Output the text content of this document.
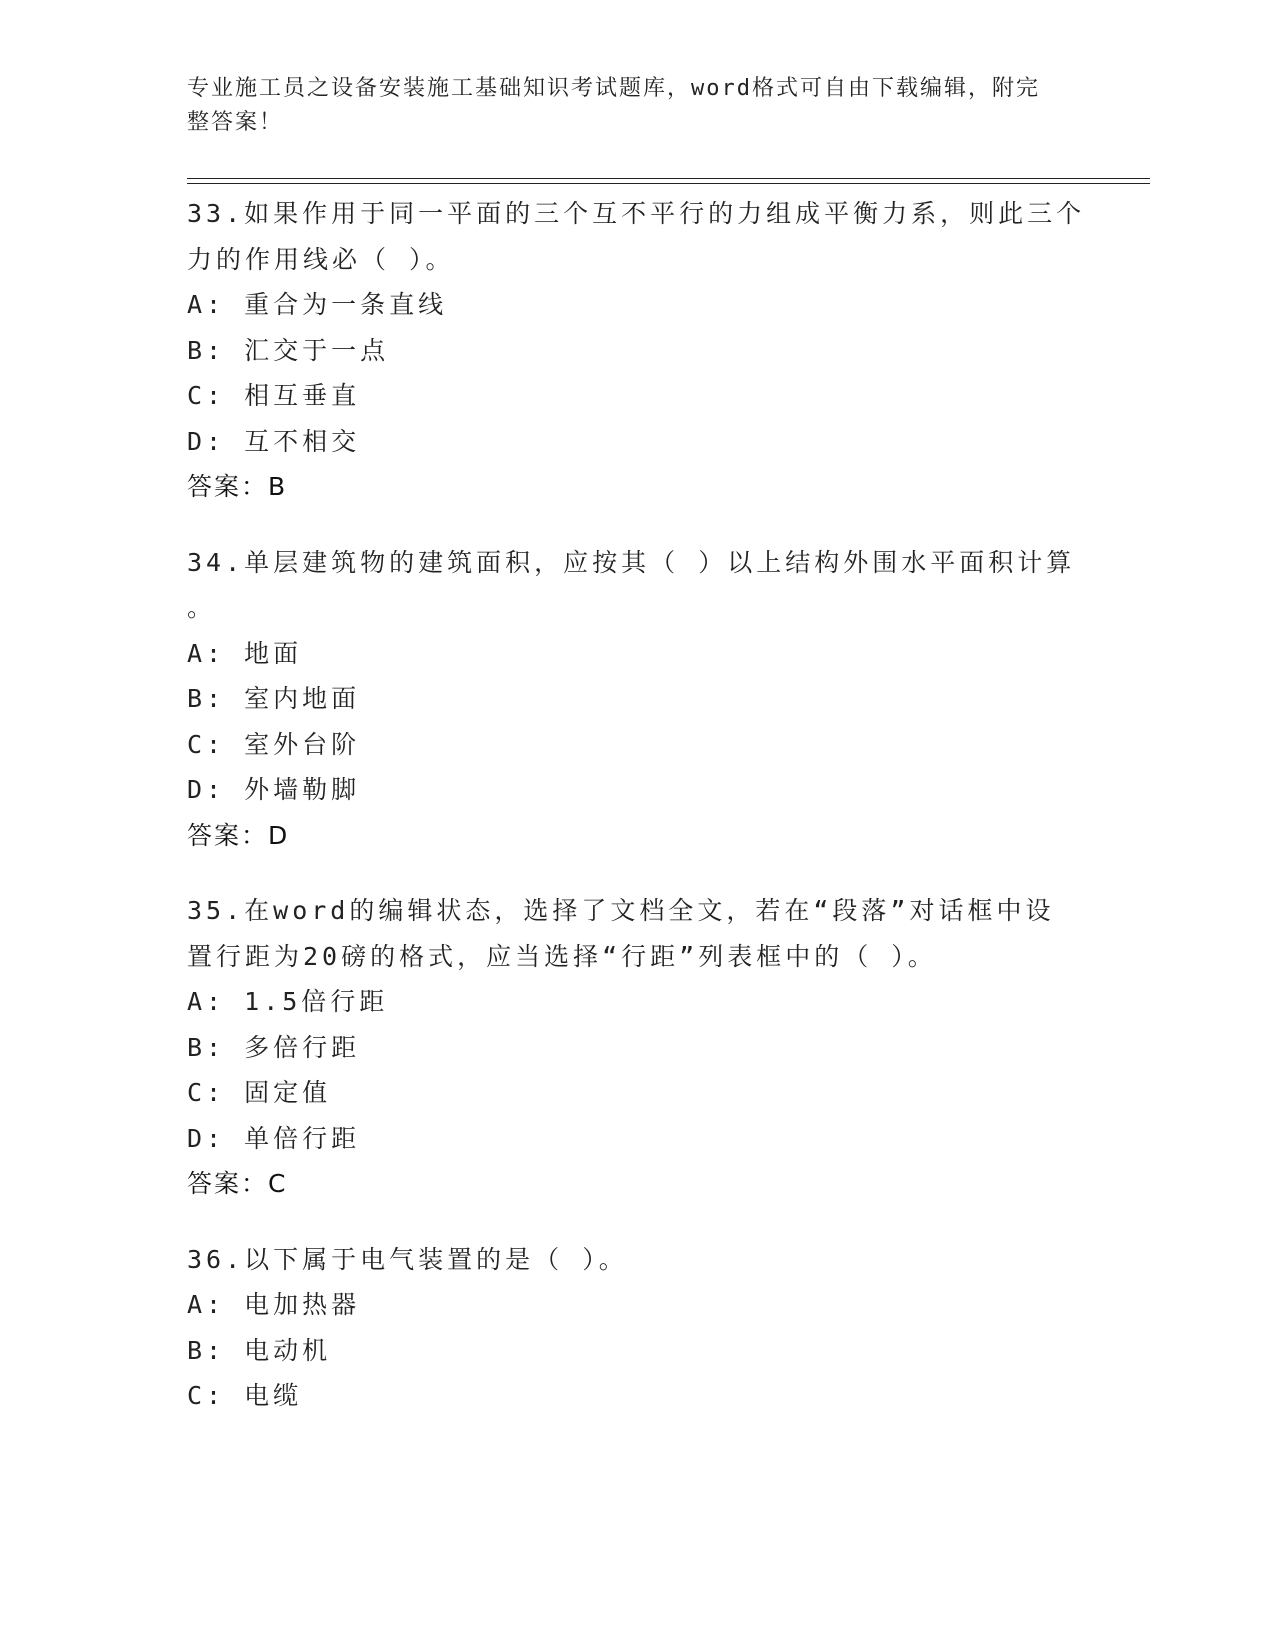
专业施工员之设备安装施工基础知识考试题库，word格式可自由下载编辑，附完
整答案！
33.如果作用于同一平面的三个互不平行的力组成平衡力系，则此三个
力的作用线必（ ）。
A: 重合为一条直线
B: 汇交于一点
C: 相互垂直
D: 互不相交
答案：B
34.单层建筑物的建筑面积，应按其（ ）以上结构外围水平面积计算
。
A: 地面
B: 室内地面
C: 室外台阶
D: 外墙勒脚
答案：D
35.在word的编辑状态，选择了文档全文，若在“段落”对话框中设
置行距为20磅的格式，应当选择“行距”列表框中的（ ）。
A: 1.5倍行距
B: 多倍行距
C: 固定值
D: 单倍行距
答案：C
36.以下属于电气装置的是（ ）。
A: 电加热器
B: 电动机
C: 电缆
